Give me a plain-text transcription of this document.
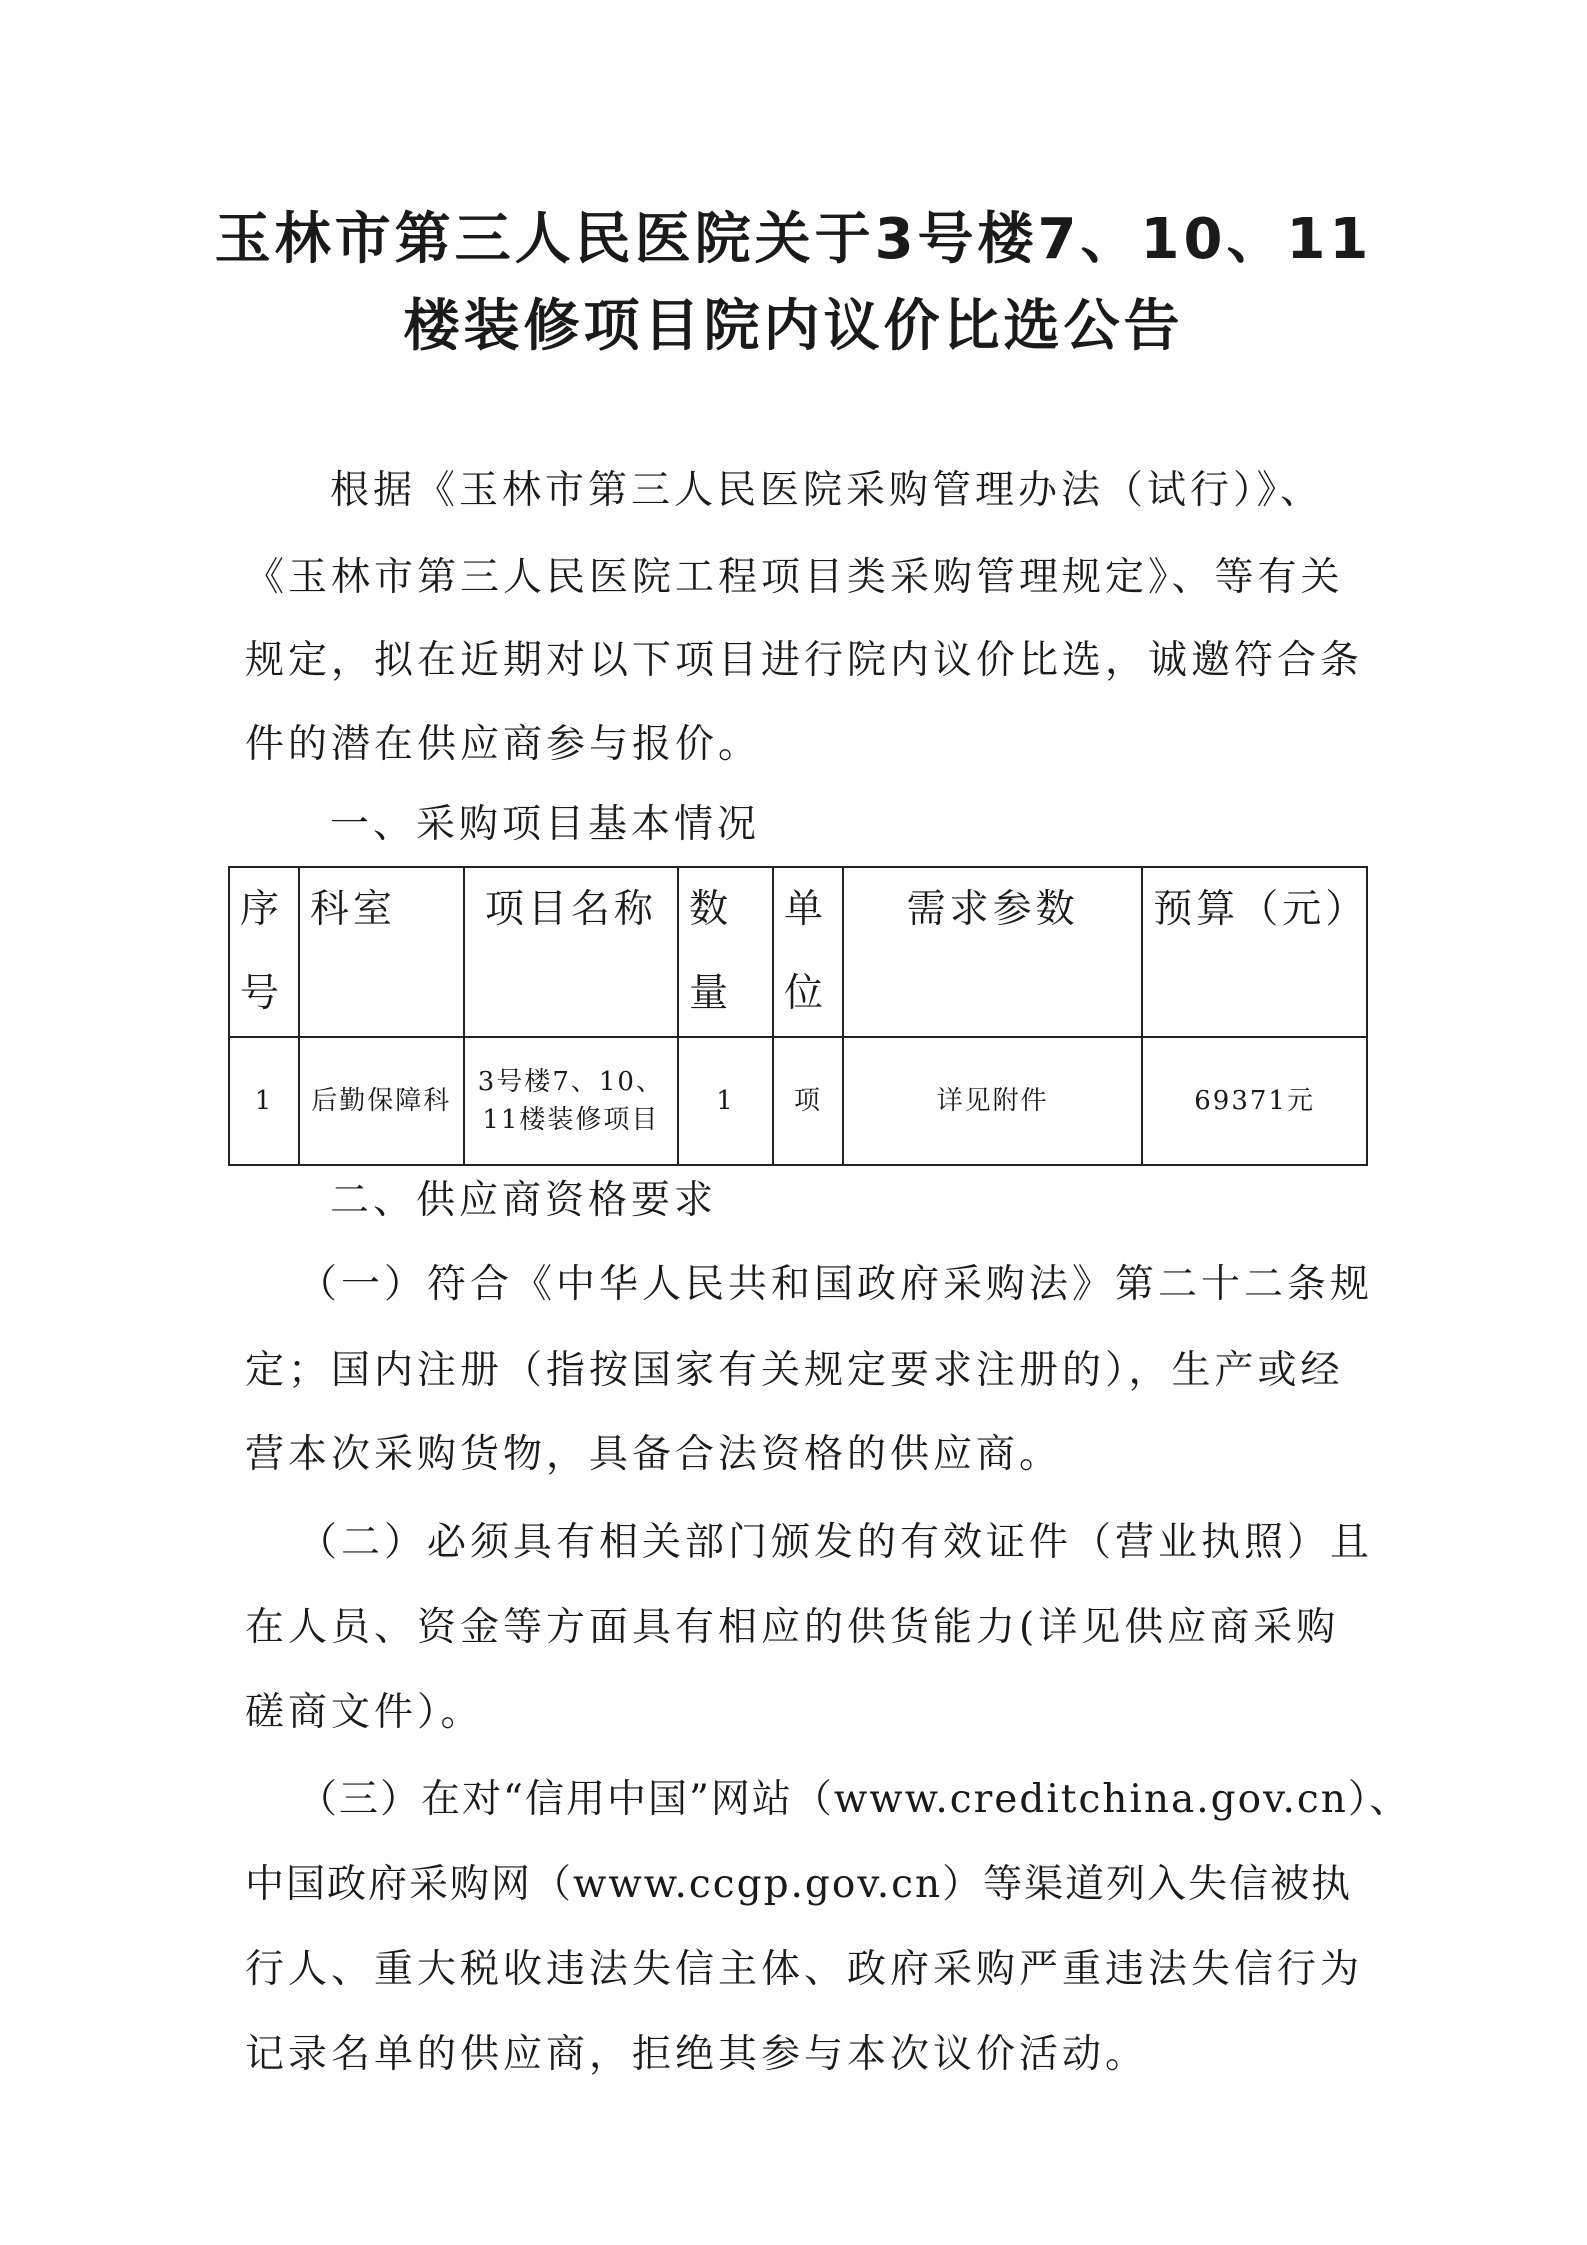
玉林市第三人民医院关于3号楼7、10、11
楼装修项目院内议价比选公告

根据《玉林市第三人民医院采购管理办法（试行）》、

《玉林市第三人民医院工程项目类采购管理规定》、等有关

规定，拟在近期对以下项目进行院内议价比选，诚邀符合条

件的潜在供应商参与报价。

一、采购项目基本情况

序号	科室	项目名称	数量	单位	需求参数	预算（元）

1	后勤保障科	3号楼7、10、11楼装修项目	1	项	详见附件	69371元

二、供应商资格要求

（一）符合《中华人民共和国政府采购法》第二十二条规

定；国内注册（指按国家有关规定要求注册的），生产或经

营本次采购货物，具备合法资格的供应商。

（二）必须具有相关部门颁发的有效证件（营业执照）且

在人员、资金等方面具有相应的供货能力(详见供应商采购

磋商文件）。

（三）在对“信用中国”网站（www.creditchina.gov.cn）、

中国政府采购网（www.ccgp.gov.cn）等渠道列入失信被执

行人、重大税收违法失信主体、政府采购严重违法失信行为

记录名单的供应商，拒绝其参与本次议价活动。
